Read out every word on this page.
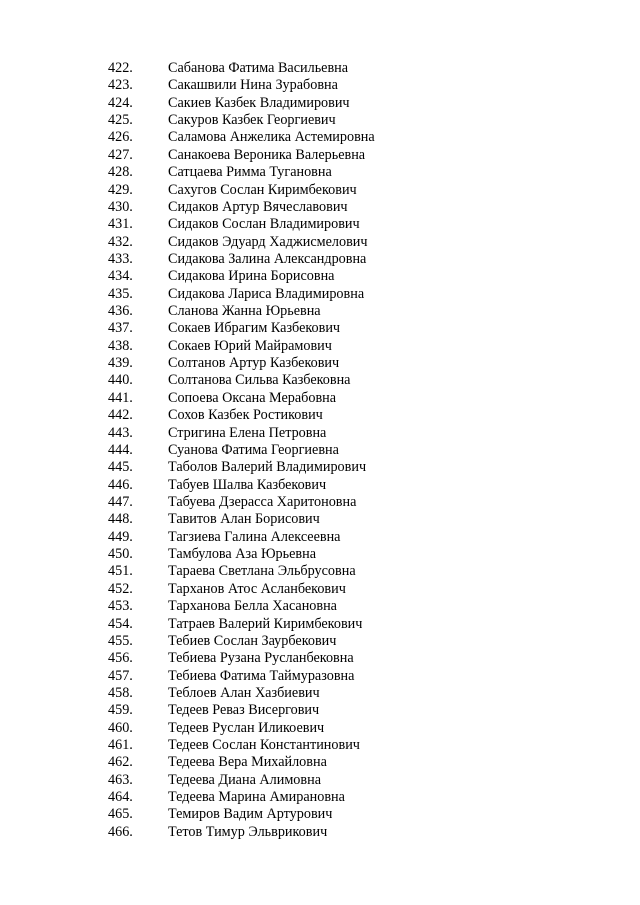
422.	Сабанова Фатима Васильевна
423.	Сакашвили Нина Зурабовна
424.	Сакиев Казбек Владимирович
425.	Сакуров Казбек Георгиевич
426.	Саламова Анжелика Астемировна
427.	Санакоева Вероника Валерьевна
428.	Сатцаева Римма Тугановна
429.	Сахугов Сослан Киримбекович
430.	Сидаков Артур Вячеславович
431.	Сидаков Сослан Владимирович
432.	Сидаков Эдуард Хаджисмелович
433.	Сидакова Залина Александровна
434.	Сидакова Ирина Борисовна
435.	Сидакова Лариса Владимировна
436.	Сланова Жанна Юрьевна
437.	Сокаев Ибрагим Казбекович
438.	Сокаев Юрий Майрамович
439.	Солтанов Артур Казбекович
440.	Солтанова Сильва Казбековна
441.	Сопоева Оксана Мерабовна
442.	Сохов Казбек Ростикович
443.	Стригина Елена Петровна
444.	Суанова Фатима Георгиевна
445.	Таболов Валерий Владимирович
446.	Табуев Шалва Казбекович
447.	Табуева Дзерасса Харитоновна
448.	Тавитов Алан Борисович
449.	Тагзиева Галина Алексеевна
450.	Тамбулова Аза Юрьевна
451.	Тараева Светлана Эльбрусовна
452.	Тарханов Атос Асланбекович
453.	Тарханова Белла Хасановна
454.	Татраев Валерий Киримбекович
455.	Тебиев Сослан Заурбекович
456.	Тебиева Рузана Русланбековна
457.	Тебиева Фатима Таймуразовна
458.	Теблоев Алан Хазбиевич
459.	Тедеев Реваз Висергович
460.	Тедеев Руслан Иликоевич
461.	Тедеев Сослан Константинович
462.	Тедеева Вера Михайловна
463.	Тедеева Диана Алимовна
464.	Тедеева Марина Амирановна
465.	Темиров Вадим Артурович
466.	Тетов Тимур Эльврикович
